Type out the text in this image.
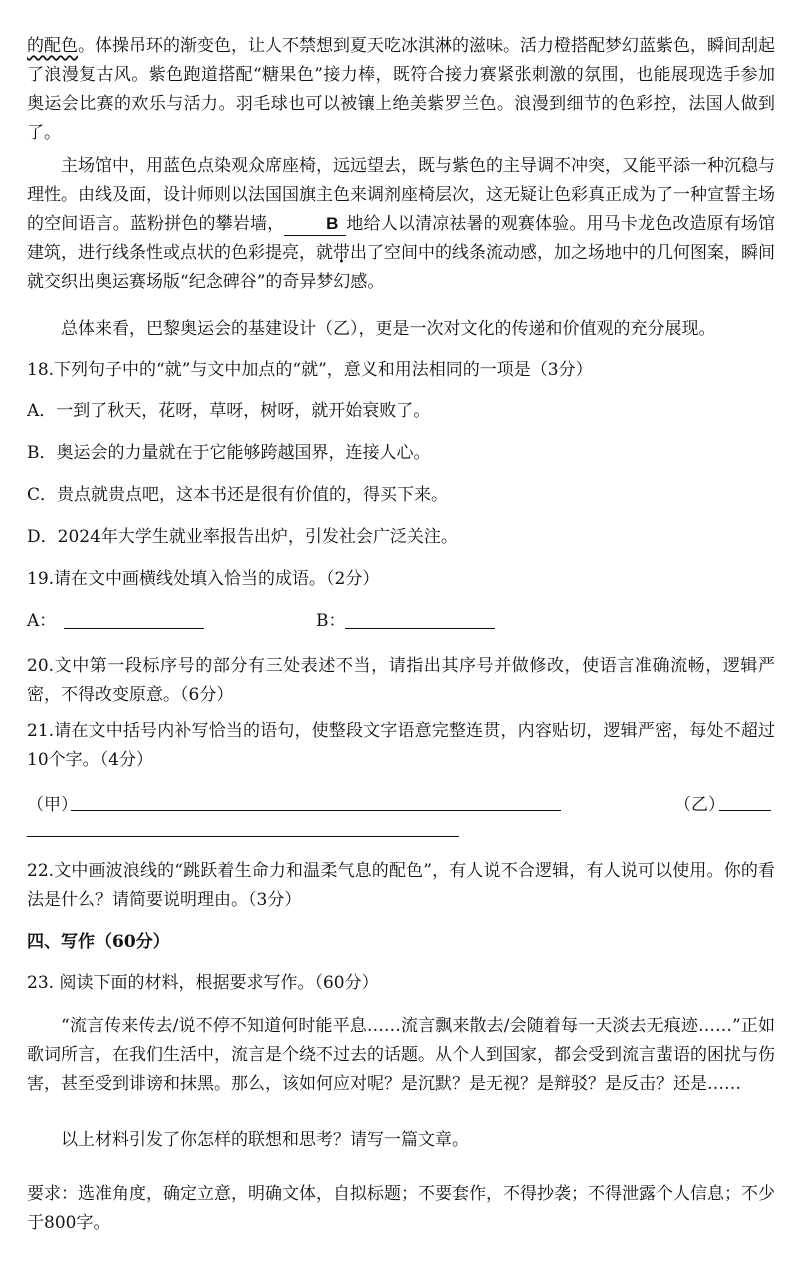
的配色。体操吊环的渐变色，让人不禁想到夏天吃冰淇淋的滋味。活力橙搭配梦幻蓝紫色，瞬间刮起了浪漫复古风。紫色跑道搭配“糖果色”接力棒，既符合接力赛紧张刺激的氛围，也能展现选手参加奥运会比赛的欢乐与活力。羽毛球也可以被镶上绝美紫罗兰色。浪漫到细节的色彩控，法国人做到了。

主场馆中，用蓝色点染观众席座椅，远远望去，既与紫色的主导调不冲突，又能平添一种沉稳与理性。由线及面，设计师则以法国国旗主色来调剂座椅层次，这无疑让色彩真正成为了一种宣誓主场的空间语言。蓝粉拼色的攀岩墙， B 地给人以清凉祛暑的观赛体验。用马卡龙色改造原有场馆建筑，进行线条性或点状的色彩提亮，就带出了空间中的线条流动感，加之场地中的几何图案，瞬间就交织出奥运赛场版“纪念碑谷”的奇异梦幻感。

总体来看，巴黎奥运会的基建设计（乙），更是一次对文化的传递和价值观的充分展现。

18.下列句子中的“就”与文中加点的“就”，意义和用法相同的一项是（3分）

A．一到了秋天，花呀，草呀，树呀，就开始衰败了。

B．奥运会的力量就在于它能够跨越国界，连接人心。

C．贵点就贵点吧，这本书还是很有价值的，得买下来。

D．2024年大学生就业率报告出炉，引发社会广泛关注。

19.请在文中画横线处填入恰当的成语。（2分）

A：	B：

20.文中第一段标序号的部分有三处表述不当，请指出其序号并做修改，使语言准确流畅，逻辑严密，不得改变原意。（6分）

21.请在文中括号内补写恰当的语句，使整段文字语意完整连贯，内容贴切，逻辑严密，每处不超过10个字。（4分）

（甲）	（乙）

22.文中画波浪线的“跳跃着生命力和温柔气息的配色”，有人说不合逻辑，有人说可以使用。你的看法是什么？请简要说明理由。（3分）

四、写作（60分）

23. 阅读下面的材料，根据要求写作。（60分）

“流言传来传去/说不停不知道何时能平息……流言飘来散去/会随着每一天淡去无痕迹……”正如歌词所言，在我们生活中，流言是个绕不过去的话题。从个人到国家，都会受到流言蜚语的困扰与伤害，甚至受到诽谤和抹黑。那么，该如何应对呢？是沉默？是无视？是辩驳？是反击？还是……

以上材料引发了你怎样的联想和思考？请写一篇文章。

要求：选准角度，确定立意，明确文体，自拟标题；不要套作，不得抄袭；不得泄露个人信息；不少于800字。
